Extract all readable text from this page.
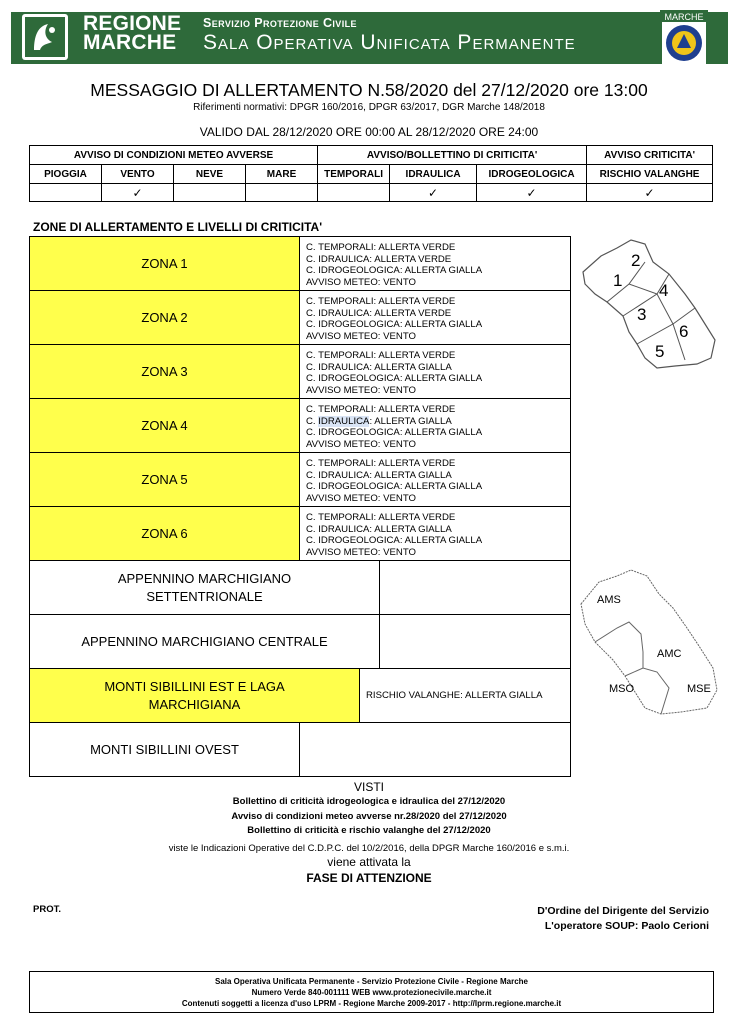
REGIONE
MARCHE
Servizio Protezione Civile
Sala Operativa Unificata Permanente
MARCHE
MESSAGGIO DI ALLERTAMENTO N.58/2020 del 27/12/2020 ore 13:00
Riferimenti normativi: DPGR 160/2016, DPGR 63/2017, DGR Marche 148/2018
VALIDO DAL 28/12/2020 ORE 00:00 AL 28/12/2020 ORE 24:00
AVVISO DI CONDIZIONI METEO AVVERSE				AVVISO/BOLLETTINO DI CRITICITA'			AVVISO CRITICITA'
PIOGGIA	VENTO	NEVE	MARE	TEMPORALI	IDRAULICA	IDROGEOLOGICA	RISCHIO VALANGHE
	✓				✓	✓	✓
ZONE DI ALLERTAMENTO E LIVELLI DI CRITICITA'
ZONA 1
C. TEMPORALI: ALLERTA VERDE
C. IDRAULICA: ALLERTA VERDE
C. IDROGEOLOGICA: ALLERTA GIALLA
AVVISO METEO: VENTO
ZONA 2
C. TEMPORALI: ALLERTA VERDE
C. IDRAULICA: ALLERTA VERDE
C. IDROGEOLOGICA: ALLERTA GIALLA
AVVISO METEO: VENTO
ZONA 3
C. TEMPORALI: ALLERTA VERDE
C. IDRAULICA: ALLERTA GIALLA
C. IDROGEOLOGICA: ALLERTA GIALLA
AVVISO METEO: VENTO
ZONA 4
C. TEMPORALI: ALLERTA VERDE
C. IDRAULICA: ALLERTA GIALLA
C. IDROGEOLOGICA: ALLERTA GIALLA
AVVISO METEO: VENTO
ZONA 5
C. TEMPORALI: ALLERTA VERDE
C. IDRAULICA: ALLERTA GIALLA
C. IDROGEOLOGICA: ALLERTA GIALLA
AVVISO METEO: VENTO
ZONA 6
C. TEMPORALI: ALLERTA VERDE
C. IDRAULICA: ALLERTA GIALLA
C. IDROGEOLOGICA: ALLERTA GIALLA
AVVISO METEO: VENTO
APPENNINO MARCHIGIANO SETTENTRIONALE
APPENNINO MARCHIGIANO CENTRALE
MONTI SIBILLINI EST E LAGA MARCHIGIANA
RISCHIO VALANGHE: ALLERTA GIALLA
MONTI SIBILLINI OVEST
1
2
3
4
5
6
AMS
AMC
MSO	MSE
VISTI
Bollettino di criticità idrogeologica e idraulica del 27/12/2020
Avviso di condizioni meteo avverse nr.28/2020 del 27/12/2020
Bollettino di criticità e rischio valanghe del 27/12/2020
viste le Indicazioni Operative del C.D.P.C. del 10/2/2016, della DPGR Marche 160/2016 e s.m.i.
viene attivata la
FASE DI ATTENZIONE
PROT.	D'Ordine del Dirigente del Servizio
L'operatore SOUP: Paolo Cerioni
Sala Operativa Unificata Permanente - Servizio Protezione Civile - Regione Marche
Numero Verde 840-001111 WEB www.protezionecivile.marche.it
Contenuti soggetti a licenza d'uso LPRM - Regione Marche 2009-2017 - http://lprm.regione.marche.it
